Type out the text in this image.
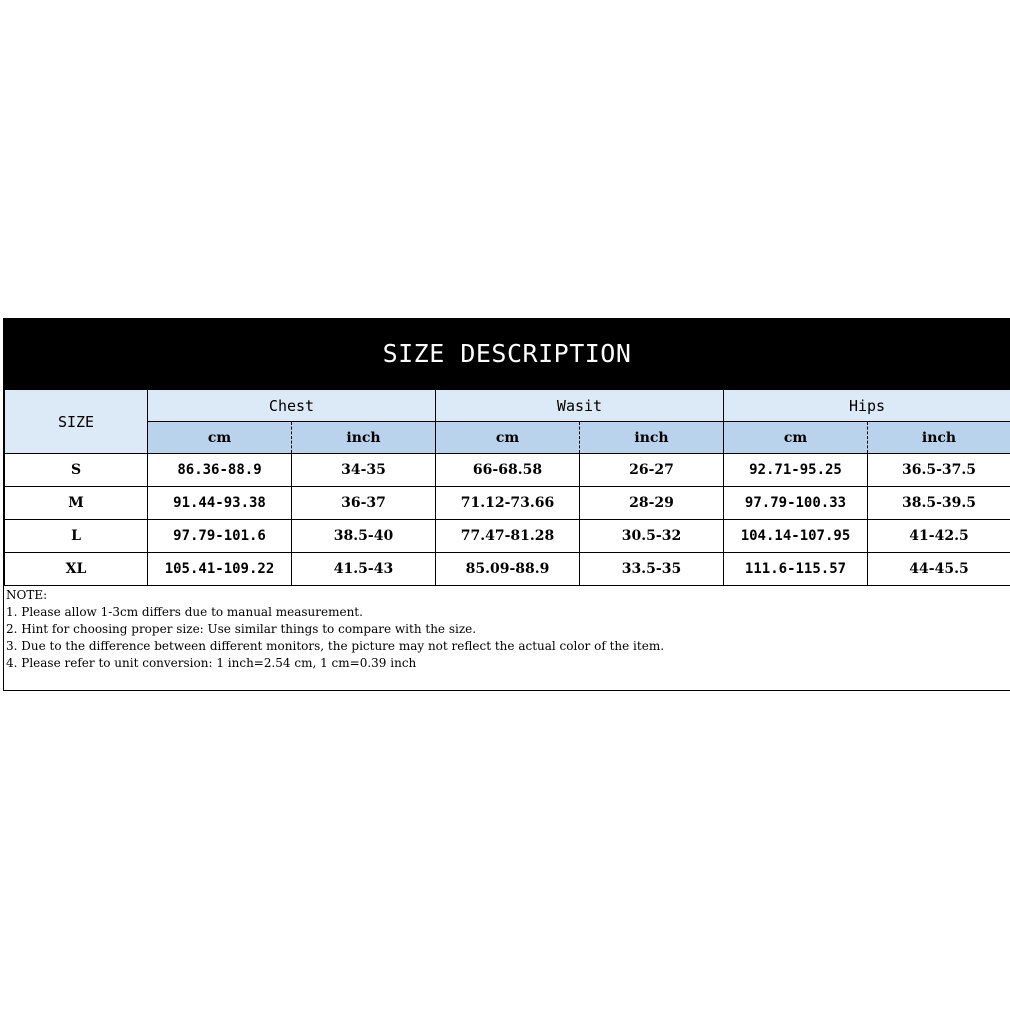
SIZE DESCRIPTION
SIZE	Chest		Wasit		Hips	
	cm	inch	cm	inch	cm	inch
S	86.36-88.9	34-35	66-68.58	26-27	92.71-95.25	36.5-37.5
M	91.44-93.38	36-37	71.12-73.66	28-29	97.79-100.33	38.5-39.5
L	97.79-101.6	38.5-40	77.47-81.28	30.5-32	104.14-107.95	41-42.5
XL	105.41-109.22	41.5-43	85.09-88.9	33.5-35	111.6-115.57	44-45.5
NOTE:
1. Please allow 1-3cm differs due to manual measurement.
2. Hint for choosing proper size: Use similar things to compare with the size.
3. Due to the difference between different monitors, the picture may not reflect the actual color of the item.
4. Please refer to unit conversion: 1 inch=2.54 cm, 1 cm=0.39 inch
